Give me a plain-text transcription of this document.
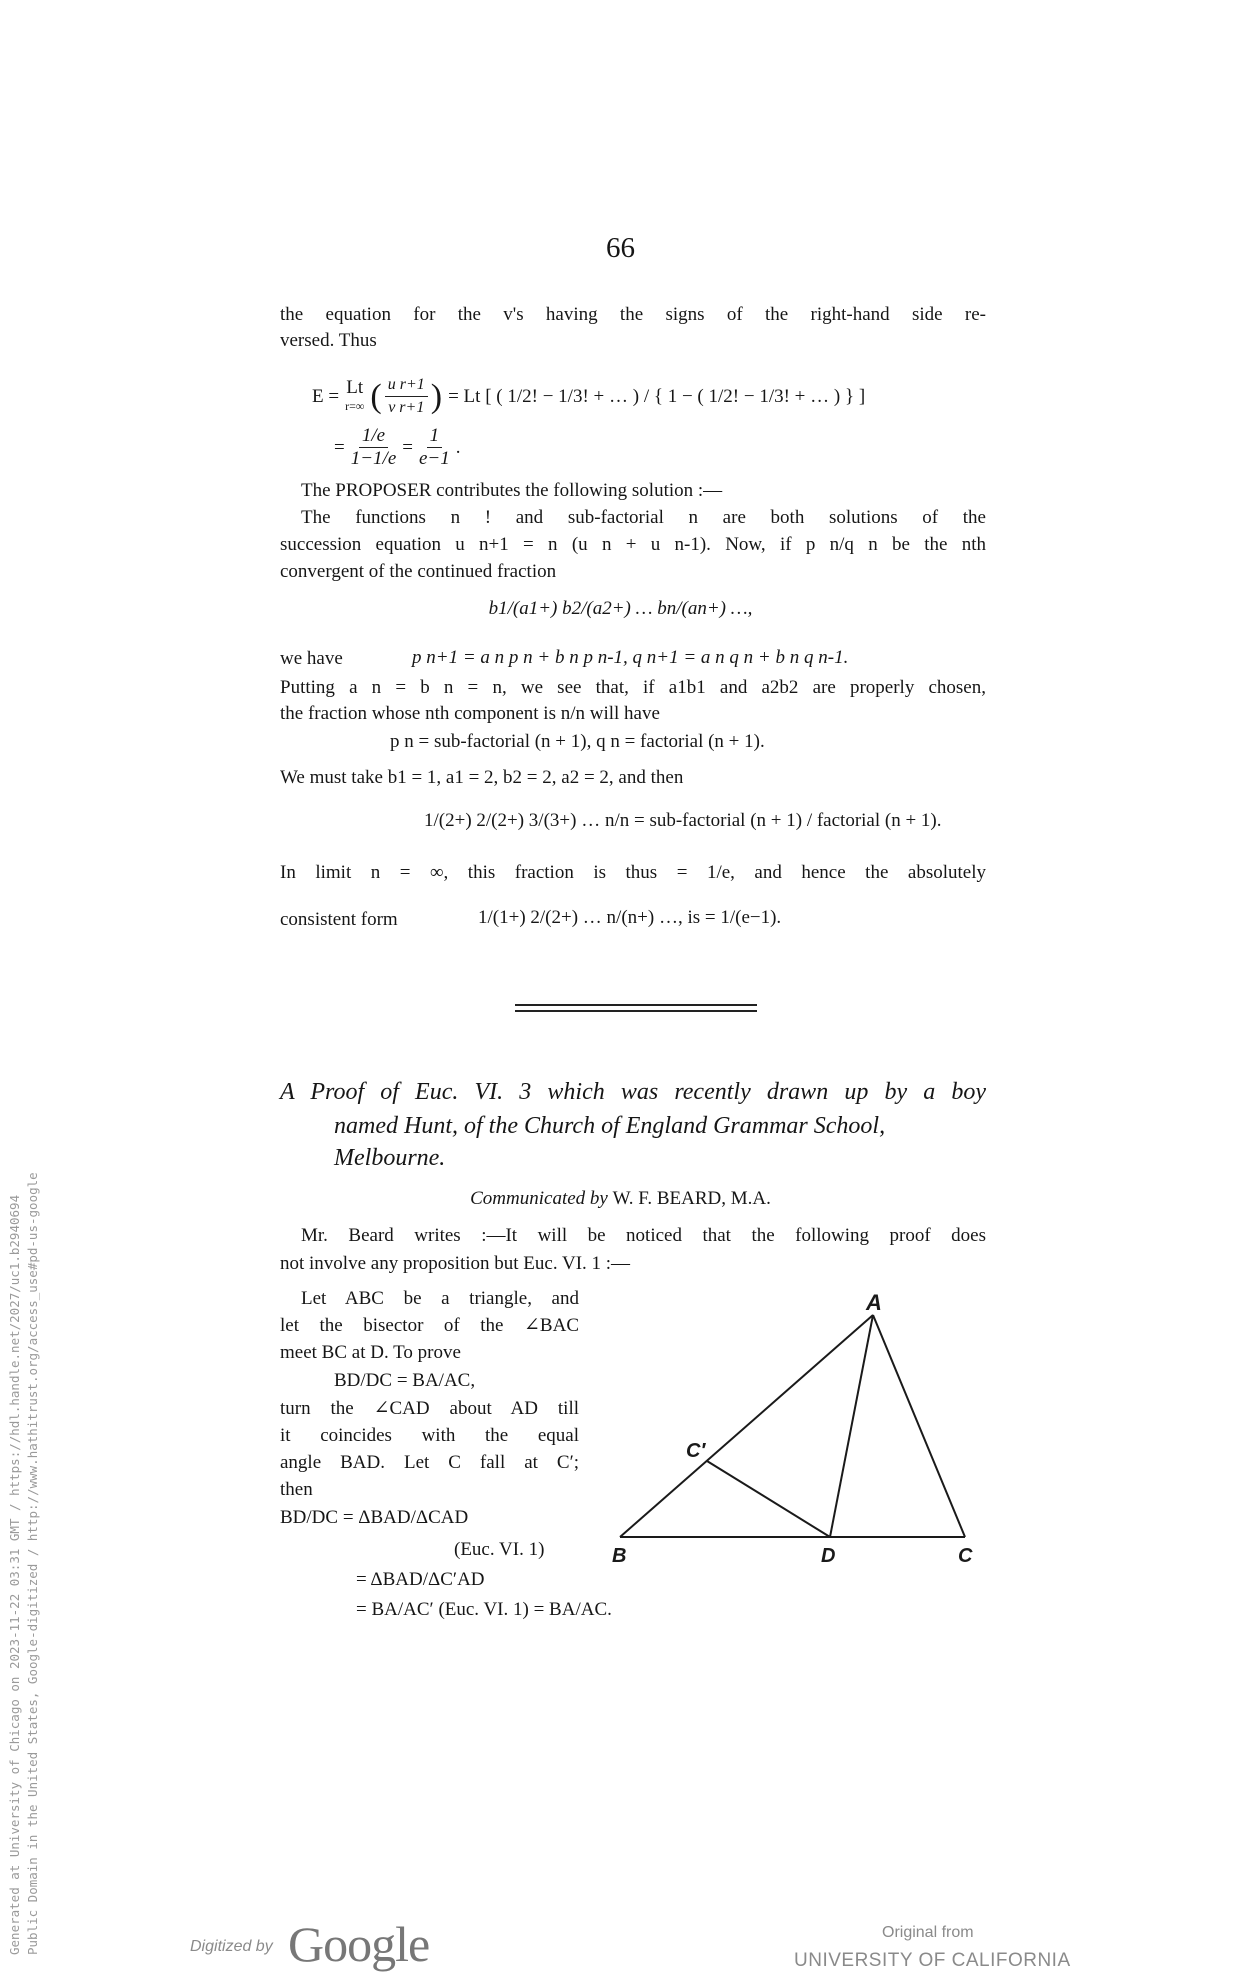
66
the equation for the v's having the signs of the right-hand side re-
versed. Thus
E = Lt
r=∞ ( $\frac{\text{u r+1}}{\text{v r+1}}$ ) = Lt [ ( 1/2! − 1/3! + … ) / { 1 − ( 1/2! − 1/3! + … ) } ]
= $\frac{1/e}{1-1/e} = \frac{1}{e-1}$ .
The PROPOSER contributes the following solution :—
The functions n ! and sub-factorial n are both solutions of the
succession equation u n+1 = n (u n + u n-1). Now, if p n/q n be the nth
convergent of the continued fraction
b1/(a1+) b2/(a2+) … bn/(an+) …,
we have	p n+1 = a n p n + b n p n-1, q n+1 = a n q n + b n q n-1.
Putting a n = b n = n, we see that, if a1b1 and a2b2 are properly chosen,
the fraction whose nth component is n/n will have
p n = sub-factorial (n + 1), q n = factorial (n + 1).
We must take b1 = 1, a1 = 2, b2 = 2, a2 = 2, and then
1/(2+) 2/(2+) 3/(3+) … n/n = sub-factorial (n + 1) / factorial (n + 1).
In limit n = ∞, this fraction is thus = 1/e, and hence the absolutely
consistent form	1/(1+) 2/(2+) … n/(n+) …, is = 1/(e−1).
A Proof of Euc. VI. 3 which was recently drawn up by a boy
named Hunt, of the Church of England Grammar School,
Melbourne.
Communicated by W. F. BEARD, M.A.
Mr. Beard writes :—It will be noticed that the following proof does
not involve any proposition but Euc. VI. 1 :—
Let ABC be a triangle, and
let the bisector of the ∠BAC
meet BC at D. To prove
BD/DC = BA/AC,
turn the ∠CAD about AD till
it coincides with the equal
angle BAD. Let C fall at C′;
then
BD/DC = ΔBAD/ΔCAD
(Euc. VI. 1)
= ΔBAD/ΔC′AD
= BA/AC′ (Euc. VI. 1) = BA/AC.
A
B	C
D
C′
Generated at University of Chicago on 2023-11-22 03:31 GMT / https://hdl.handle.net/2027/uc1.b2940694 Public Domain in the United States, Google-digitized / http://www.hathitrust.org/access_use#pd-us-google	Digitized by Google	Original from
UNIVERSITY OF CALIFORNIA
